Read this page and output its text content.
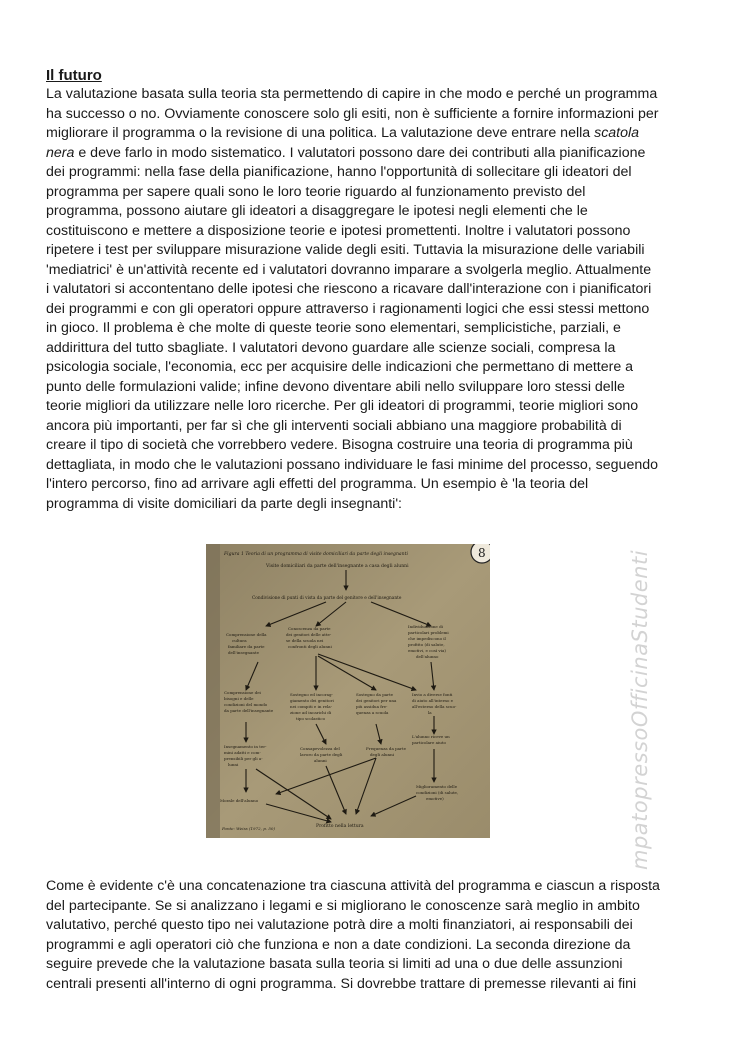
Il futuro
La valutazione basata sulla teoria sta permettendo di capire in che modo e perché un programma
ha successo o no. Ovviamente conoscere solo gli esiti, non è sufficiente a fornire informazioni per
migliorare il programma o la revisione di una politica. La valutazione deve entrare nella scatola
nera e deve farlo in modo sistematico. I valutatori possono dare dei contributi alla pianificazione
dei programmi: nella fase della pianificazione, hanno l'opportunità di sollecitare gli ideatori del
programma per sapere quali sono le loro teorie riguardo al funzionamento previsto del
programma, possono aiutare gli ideatori a disaggregare le ipotesi negli elementi che le
costituiscono e mettere a disposizione teorie e ipotesi promettenti. Inoltre i valutatori possono
ripetere i test per sviluppare misurazione valide degli esiti. Tuttavia la misurazione delle variabili
'mediatrici' è un'attività recente ed i valutatori dovranno imparare a svolgerla meglio. Attualmente
i valutatori si accontentano delle ipotesi che riescono a ricavare dall'interazione con i pianificatori
dei programmi e con gli operatori oppure attraverso i ragionamenti logici che essi stessi mettono
in gioco. Il problema è che molte di queste teorie sono elementari, semplicistiche, parziali, e
addirittura del tutto sbagliate. I valutatori devono guardare alle scienze sociali, compresa la
psicologia sociale, l'economia, ecc per acquisire delle indicazioni che permettano di mettere a
punto delle formulazioni valide; infine devono diventare abili nello sviluppare loro stessi delle
teorie migliori da utilizzare nelle loro ricerche. Per gli ideatori di programmi, teorie migliori sono
ancora più importanti, per far sì che gli interventi sociali abbiano una maggiore probabilità di
creare il tipo di società che vorrebbero vedere. Bisogna costruire una teoria di programma più
dettagliata, in modo che le valutazioni possano individuare le fasi minime del processo, seguendo
l'intero percorso, fino ad arrivare agli effetti del programma. Un esempio è 'la teoria del
programma di visite domiciliari da parte degli insegnanti':
Figura 1 Teoria di un programma di visite domiciliari da parte degli insegnanti
Visite domiciliari da parte dell'insegnante a casa degli alunni
Condivisione di punti di vista da parte del genitore e dell'insegnante
Comprensione della
cultura
familiare da parte
dell'insegnante
Conoscenza da parte
dei genitori delle atte-
se della scuola nei
confronti degli alunni
Individuazione di
particolari problemi
che impediscono il
profitto (di salute,
emotivi, e così via)
dell'alunno
Comprensione dei
bisogni e delle
condizioni del mondo
da parte dell'insegnante
Sostegno ed incorag-
giamento dei genitori
nei compiti e in rela-
zione ad incarichi di
tipo scolastico
Sostegno da parte
dei genitori per una
più assidua fre-
quenza a scuola
Invio a diverse fonti
di aiuto all'interno e
all'esterno della scuo-
la
Insegnamento in ter-
mini adatti e com-
prensibili per gli a-
lunni
Consapevolezza del
lavoro da parte degli
alunni
Frequenza da parte
degli alunni
L'alunno riceve un
particolare aiuto
Morale dell'alunno
Miglioramento delle
condizioni (di salute,
emotive)
Profitto nella lettura
Fonte: Weiss (1972, p. 50)
8	mpatopressoOfficinaStudenti
Come è evidente c'è una concatenazione tra ciascuna attività del programma e ciascun a risposta
del partecipante. Se si analizzano i legami e si migliorano le conoscenze sarà meglio in ambito
valutativo, perché questo tipo nei valutazione potrà dire a molti finanziatori, ai responsabili dei
programmi e agli operatori ciò che funziona e non a date condizioni. La seconda direzione da
seguire prevede che la valutazione basata sulla teoria si limiti ad una o due delle assunzioni
centrali presenti all'interno di ogni programma. Si dovrebbe trattare di premesse rilevanti ai fini
